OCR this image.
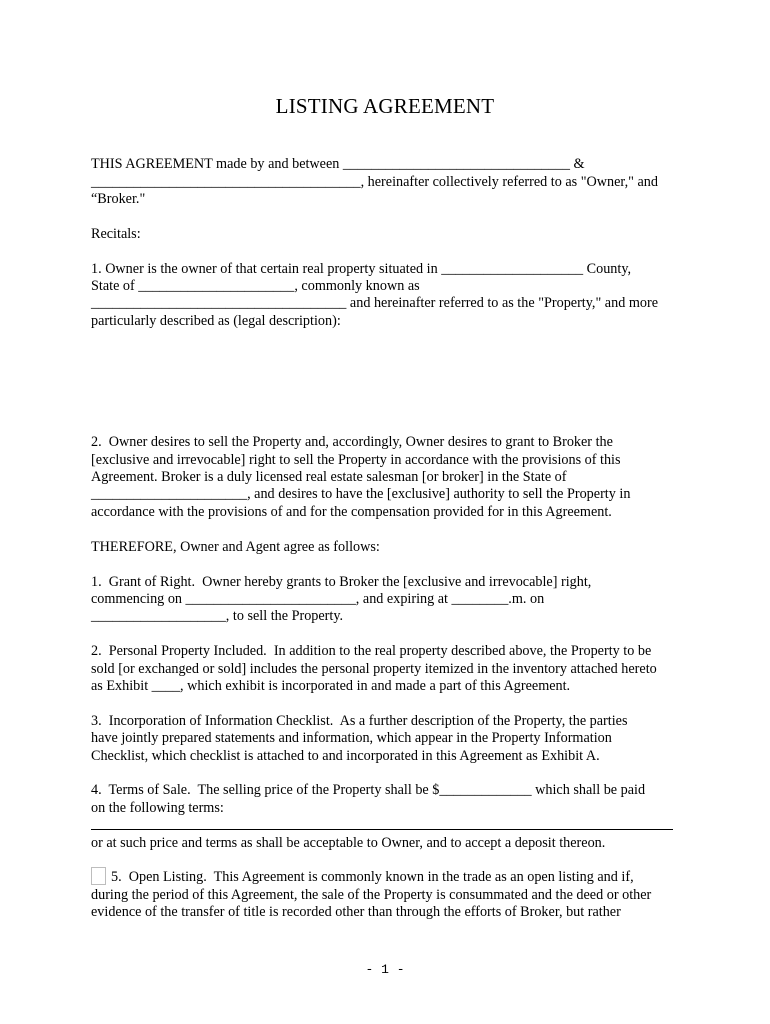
LISTING AGREEMENT
THIS AGREEMENT made by and between ________________________________ &
______________________________________, hereinafter collectively referred to as "Owner," and
“Broker."
Recitals:
1. Owner is the owner of that certain real property situated in ____________________ County,
State of ______________________, commonly known as
____________________________________ and hereinafter referred to as the "Property," and more
particularly described as (legal description):
2.  Owner desires to sell the Property and, accordingly, Owner desires to grant to Broker the
[exclusive and irrevocable] right to sell the Property in accordance with the provisions of this
Agreement. Broker is a duly licensed real estate salesman [or broker] in the State of
______________________, and desires to have the [exclusive] authority to sell the Property in
accordance with the provisions of and for the compensation provided for in this Agreement.
THEREFORE, Owner and Agent agree as follows:
1.  Grant of Right.  Owner hereby grants to Broker the [exclusive and irrevocable] right,
commencing on ________________________, and expiring at ________.m. on
___________________, to sell the Property.
2.  Personal Property Included.  In addition to the real property described above, the Property to be
sold [or exchanged or sold] includes the personal property itemized in the inventory attached hereto
as Exhibit ____, which exhibit is incorporated in and made a part of this Agreement.
3.  Incorporation of Information Checklist.  As a further description of the Property, the parties
have jointly prepared statements and information, which appear in the Property Information
Checklist, which checklist is attached to and incorporated in this Agreement as Exhibit A.
4.  Terms of Sale.  The selling price of the Property shall be $_____________ which shall be paid
on the following terms:
or at such price and terms as shall be acceptable to Owner, and to accept a deposit thereon.
5.  Open Listing.  This Agreement is commonly known in the trade as an open listing and if,
during the period of this Agreement, the sale of the Property is consummated and the deed or other
evidence of the transfer of title is recorded other than through the efforts of Broker, but rather
- 1 -
